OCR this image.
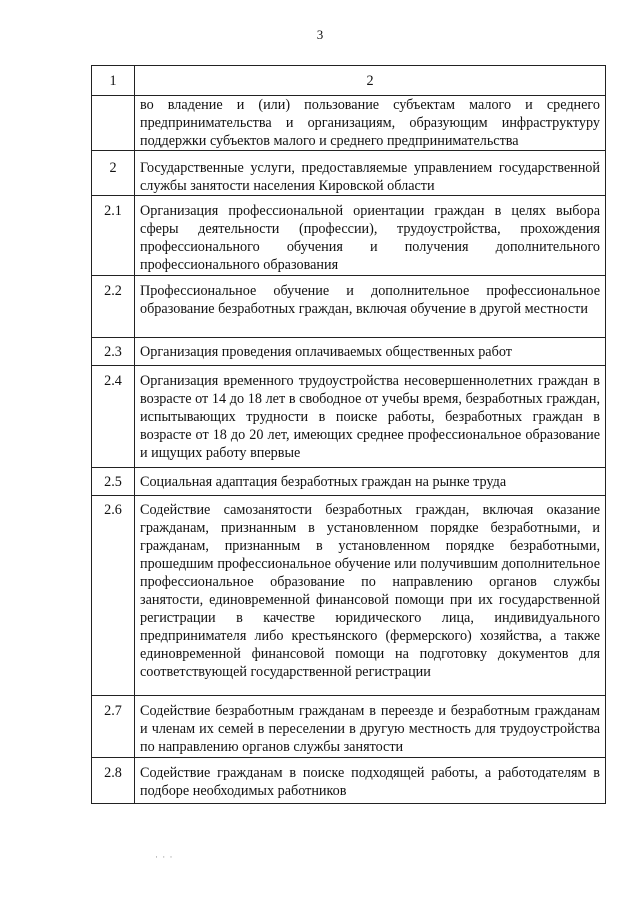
3
1	2
	во владение и (или) пользование субъектам малого и среднего предпринимательства и организациям, образующим инфраструктуру поддержки субъектов малого и среднего предпринимательства
2	Государственные услуги, предоставляемые управлением государственной службы занятости населения Кировской области
2.1	Организация профессиональной ориентации граждан в целях выбора сферы деятельности (профессии), трудоустройства, прохождения профессионального обучения и получения дополнительного профессионального образования
2.2	Профессиональное обучение и дополнительное профессиональное образование безработных граждан, включая обучение в другой местности
2.3	Организация проведения оплачиваемых общественных работ
2.4	Организация временного трудоустройства несовершеннолетних граждан в возрасте от 14 до 18 лет в свободное от учебы время, безработных граждан, испытывающих трудности в поиске работы, безработных граждан в возрасте от 18 до 20 лет, имеющих среднее профессиональное образование и ищущих работу впервые
2.5	Социальная адаптация безработных граждан на рынке труда
2.6	Содействие самозанятости безработных граждан, включая оказание гражданам, признанным в установленном порядке безработными, и гражданам, признанным в установленном порядке безработными, прошедшим профессиональное обучение или получившим дополнительное профессиональное образование по направлению органов службы занятости, единовременной финансовой помощи при их государственной регистрации в качестве юридического лица, индивидуального предпринимателя либо крестьянского (фермерского) хозяйства, а также единовременной финансовой помощи на подготовку документов для соответствующей государственной регистрации
2.7	Содействие безработным гражданам в переезде и безработным гражданам и членам их семей в переселении в другую местность для трудоустройства по направлению органов службы занятости
2.8	Содействие гражданам в поиске подходящей работы, а работодателям в подборе необходимых работников
· · ·
